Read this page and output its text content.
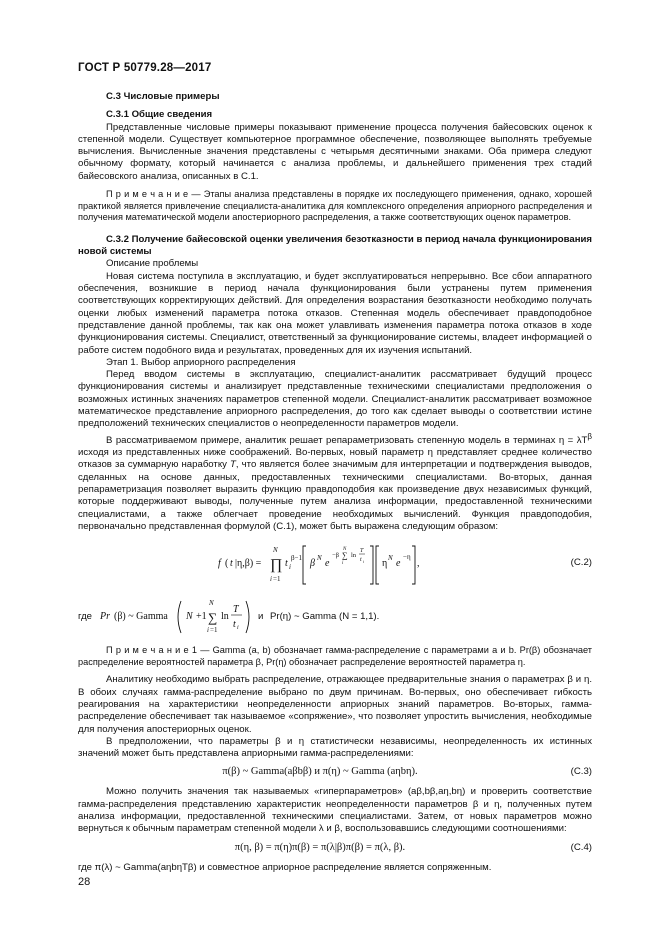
ГОСТ Р 50779.28—2017

С.3 Числовые примеры

С.3.1 Общие сведения

Представленные числовые примеры показывают применение процесса получения байесовских оценок к степенной модели. Существует компьютерное программное обеспечение, позволяющее выполнять требуемые вычисления. Вычисленные значения представлены с четырьмя десятичными знаками. Оба примера следуют обычному формату, который начинается с анализа проблемы, и дальнейшего применения трех стадий байесовского анализа, описанных в С.1.

П р и м е ч а н и е — Этапы анализа представлены в порядке их последующего применения, однако, хорошей практикой является привлечение специалиста-аналитика для комплексного определения априорного распределения и получения математической модели апостериорного распределения, а также соответствующих оценок параметров.

С.3.2 Получение байесовской оценки увеличения безотказности в период начала функционирования новой системы

Описание проблемы

Новая система поступила в эксплуатацию, и будет эксплуатироваться непрерывно. Все сбои аппаратного обеспечения, возникшие в период начала функционирования были устранены путем применения соответствующих корректирующих действий. Для определения возрастания безотказности необходимо получать оценки любых изменений параметра потока отказов. Степенная модель обеспечивает правдоподобное представление данной проблемы, так как она может улавливать изменения параметра потока отказов в ходе функционирования системы. Специалист, ответственный за функционирование системы, владеет информацией о работе систем подобного вида и результатах, проведенных для их изучения испытаний.

Этап 1. Выбор априорного распределения

Перед вводом системы в эксплуатацию, специалист-аналитик рассматривает будущий процесс функционирования системы и анализирует представленные техническими специалистами предположения о возможных истинных значениях параметров степенной модели. Специалист-аналитик рассматривает возможное математическое представление априорного распределения, до того как сделает выводы о соответствии истине предположений технических специалистов о неопределенности параметров модели.

В рассматриваемом примере, аналитик решает репараметризовать степенную модель в терминах $\eta = \lambda T^\beta$ исходя из представленных ниже соображений. Во-первых, новый параметр η представляет среднее количество отказов за суммарную наработку T, что является более значимым для интерпретации и подтверждения выводов, сделанных на основе данных, предоставленных техническими специалистами. Во-вторых, данная репараметризация позволяет выразить функцию правдоподобия как произведение двух независимых функций, которые поддерживают выводы, полученные путем анализа информации, предоставленной техническими специалистами, а также облегчает проведение необходимых вычислений. Функция правдоподобия, первоначально представленная формулой (С.1), может быть выражена следующим образом:

f ( t |η,β) =
N
∏
i =1
t i
β−1 β N e
−β ∑
N
i
ln
T
t i η N e
−η
,	(С.2)
где Pr (β) ~ Gamma N +1
N
∑
i =1
ln
T
t i
и Pr(η) ~ Gamma (N = 1,1).

П р и м е ч а н и е 1 — Gamma (a, b) обозначает гамма-распределение с параметрами a и b. Pr(β) обозначает распределение вероятностей параметра β, Pr(η) обозначает распределение вероятностей параметра η.

Аналитику необходимо выбрать распределение, отражающее предварительные знания о параметрах β и η. В обоих случаях гамма-распределение выбрано по двум причинам. Во-первых, оно обеспечивает гибкость реагирования на характеристики неопределенности априорных знаний параметров. Во-вторых, гамма-распределение обеспечивает так называемое «сопряжение», что позволяет упростить вычисления, необходимые для получения апостериорных оценок.

В предположении, что параметры β и η статистически независимы, неопределенность их истинных значений может быть представлена априорными гамма-распределениями:

π(β) ~ Gamma(aβbβ) и π(η) ~ Gamma (aηbη).	(С.3)

Можно получить значения так называемых «гиперпараметров» (aβ,bβ,aη,bη) и проверить соответствие гамма-распределения представлению характеристик неопределенности параметров β и η, полученных путем анализа информации, предоставленной техническими специалистами. Затем, от новых параметров можно вернуться к обычным параметрам степенной модели λ и β, воспользовавшись следующими соотношениями:

π(η, β) = π(η)π(β) = π(λ|β)π(β) = π(λ, β).	(С.4)

где π(λ) ~ Gamma(aηbηTβ) и совместное априорное распределение является сопряженным.

28
